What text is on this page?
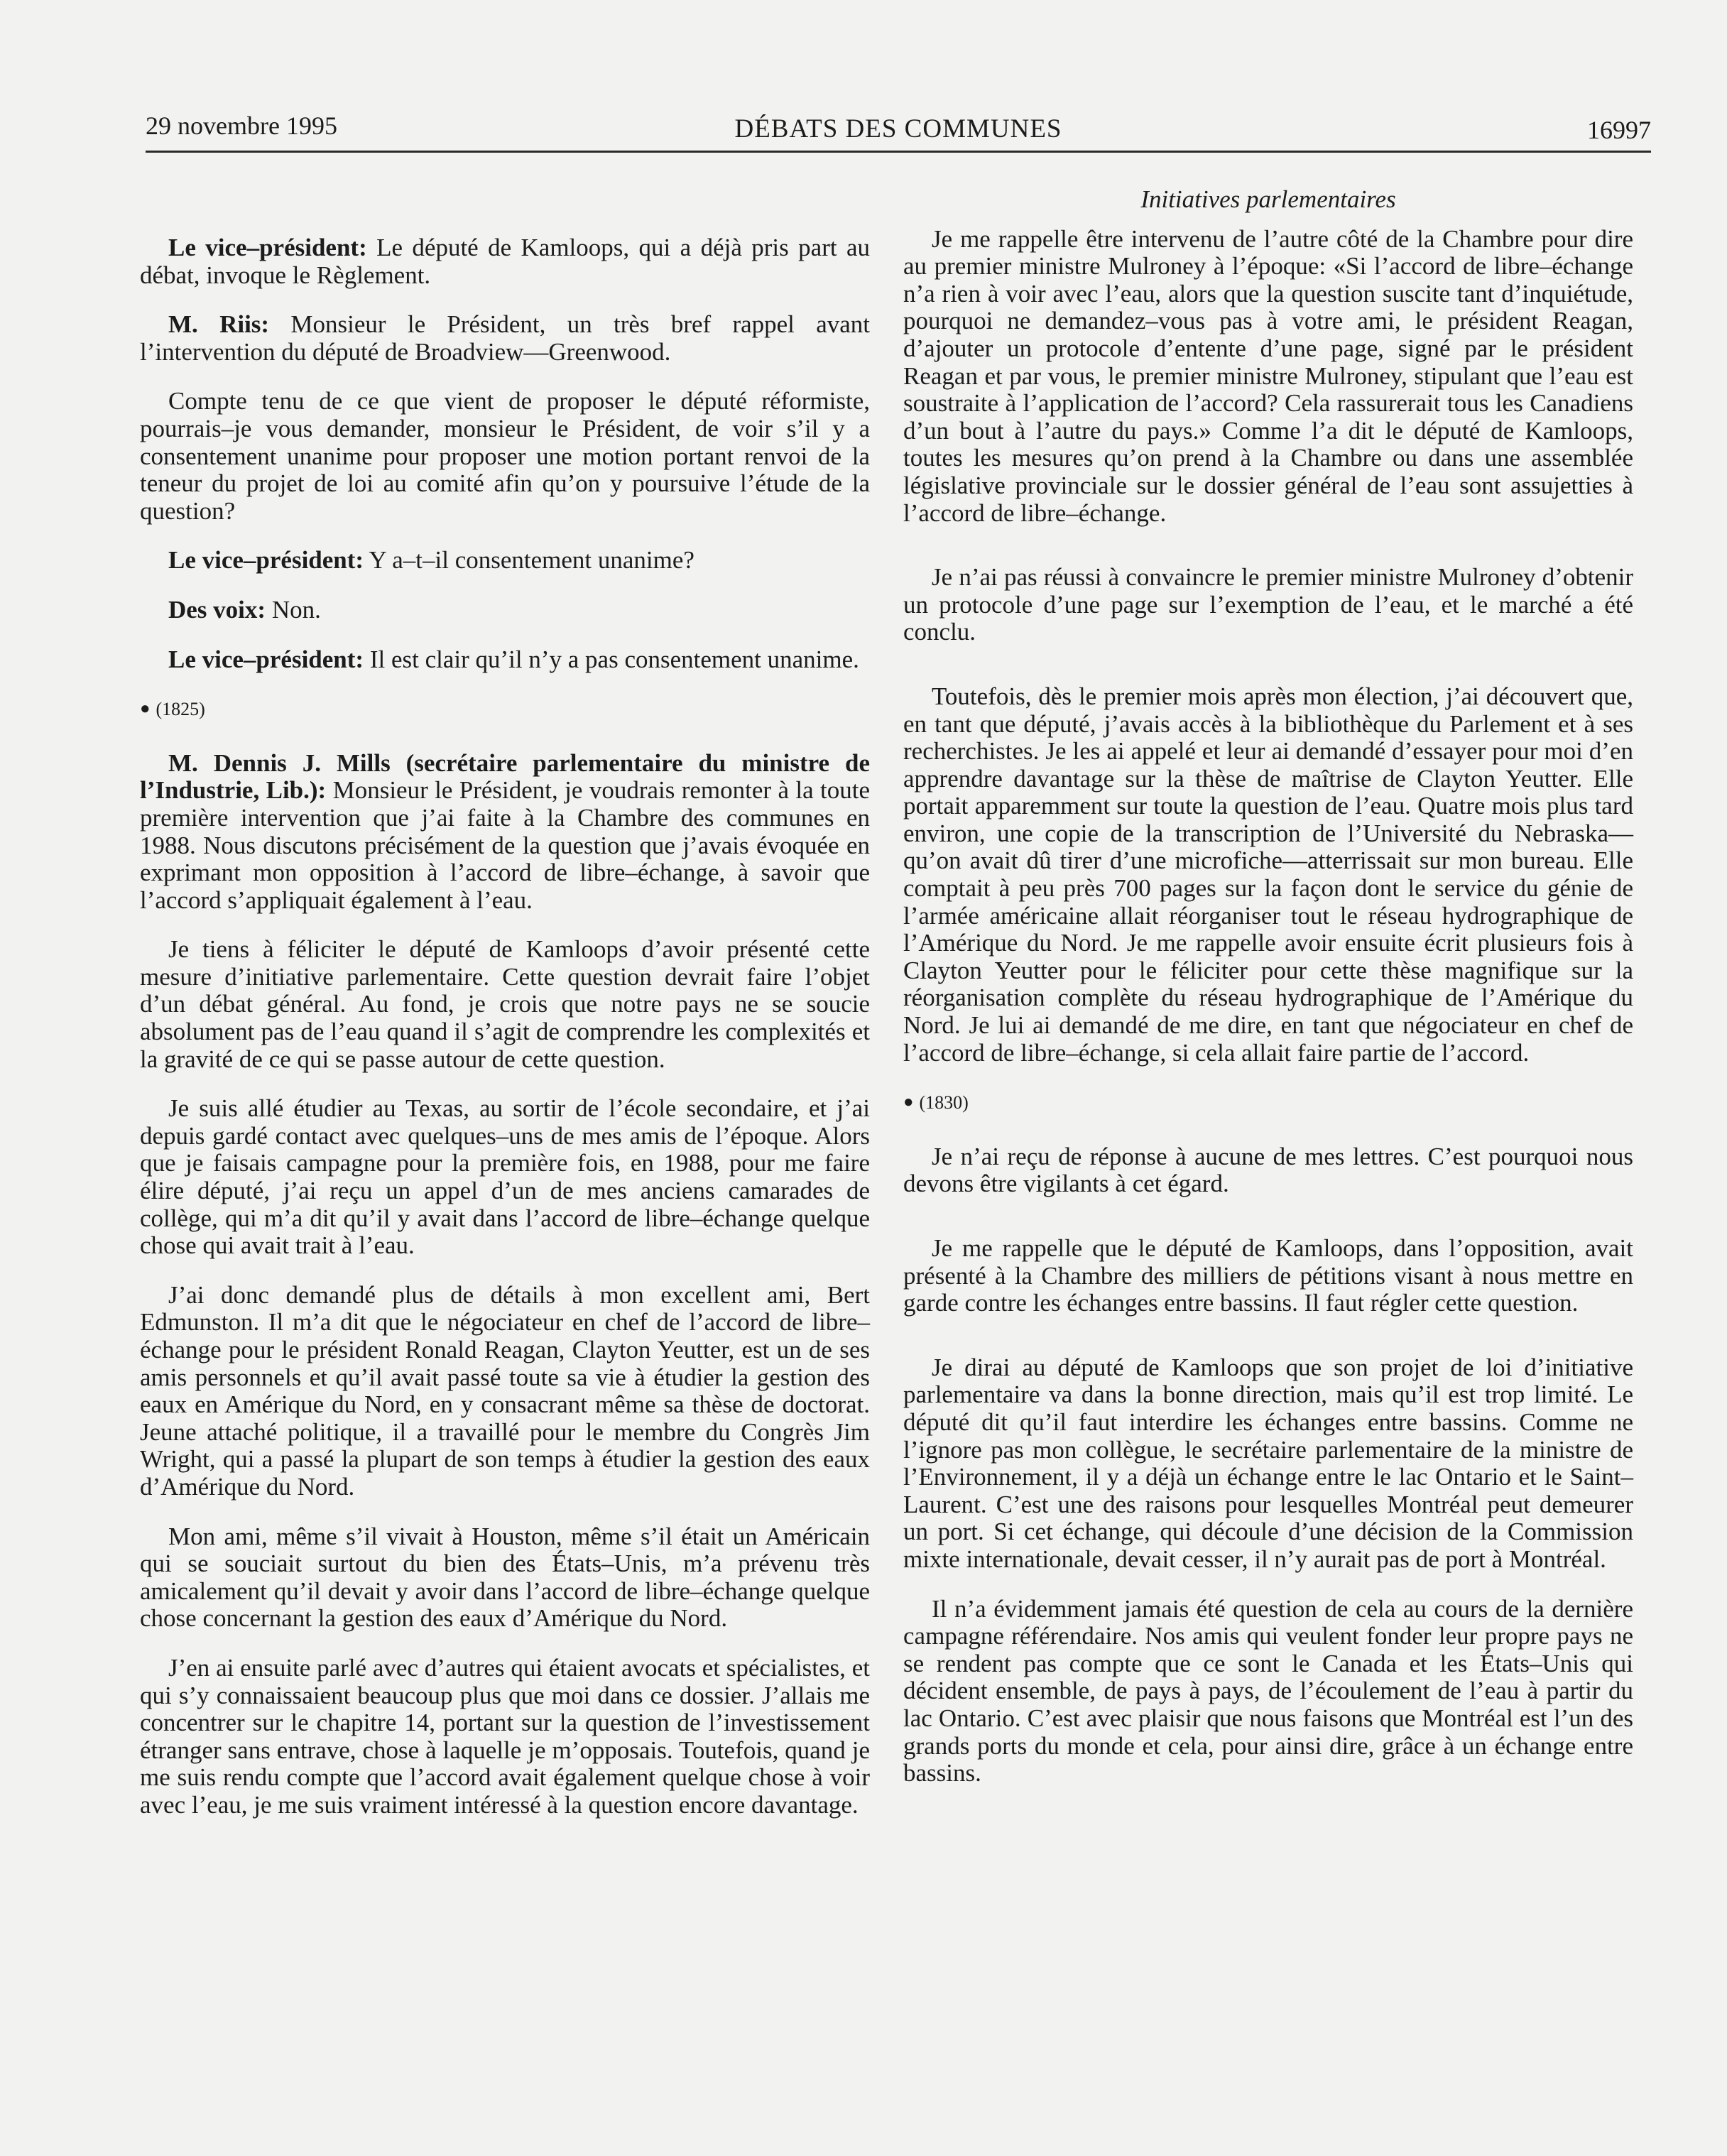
29 novembre 1995	DÉBATS DES COMMUNES	16997

Le vice–président: Le député de Kamloops, qui a déjà pris part au débat, invoque le Règlement.

M. Riis: Monsieur le Président, un très bref rappel avant l’intervention du député de Broadview—Greenwood.

Compte tenu de ce que vient de proposer le député réformiste, pourrais–je vous demander, monsieur le Président, de voir s’il y a consentement unanime pour proposer une motion portant renvoi de la teneur du projet de loi au comité afin qu’on y poursuive l’étude de la question?

Le vice–président: Y a–t–il consentement unanime?

Des voix: Non.

Le vice–président: Il est clair qu’il n’y a pas consentement unanime.

● (1825)

M. Dennis J. Mills (secrétaire parlementaire du ministre de l’Industrie, Lib.): Monsieur le Président, je voudrais remonter à la toute première intervention que j’ai faite à la Chambre des communes en 1988. Nous discutons précisément de la question que j’avais évoquée en exprimant mon opposition à l’accord de libre–échange, à savoir que l’accord s’appliquait également à l’eau.

Je tiens à féliciter le député de Kamloops d’avoir présenté cette mesure d’initiative parlementaire. Cette question devrait faire l’objet d’un débat général. Au fond, je crois que notre pays ne se soucie absolument pas de l’eau quand il s’agit de comprendre les complexités et la gravité de ce qui se passe autour de cette question.

Je suis allé étudier au Texas, au sortir de l’école secondaire, et j’ai depuis gardé contact avec quelques–uns de mes amis de l’époque. Alors que je faisais campagne pour la première fois, en 1988, pour me faire élire député, j’ai reçu un appel d’un de mes anciens camarades de collège, qui m’a dit qu’il y avait dans l’accord de libre–échange quelque chose qui avait trait à l’eau.

J’ai donc demandé plus de détails à mon excellent ami, Bert Edmunston. Il m’a dit que le négociateur en chef de l’accord de libre–échange pour le président Ronald Reagan, Clayton Yeutter, est un de ses amis personnels et qu’il avait passé toute sa vie à étudier la gestion des eaux en Amérique du Nord, en y consacrant même sa thèse de doctorat. Jeune attaché politique, il a travaillé pour le membre du Congrès Jim Wright, qui a passé la plupart de son temps à étudier la gestion des eaux d’Amérique du Nord.

Mon ami, même s’il vivait à Houston, même s’il était un Américain qui se souciait surtout du bien des États–Unis, m’a prévenu très amicalement qu’il devait y avoir dans l’accord de libre–échange quelque chose concernant la gestion des eaux d’Amérique du Nord.

J’en ai ensuite parlé avec d’autres qui étaient avocats et spécialistes, et qui s’y connaissaient beaucoup plus que moi dans ce dossier. J’allais me concentrer sur le chapitre 14, portant sur la question de l’investissement étranger sans entrave, chose à laquelle je m’opposais. Toutefois, quand je me suis rendu compte que l’accord avait également quelque chose à voir avec l’eau, je me suis vraiment intéressé à la question encore davantage.

Initiatives parlementaires

Je me rappelle être intervenu de l’autre côté de la Chambre pour dire au premier ministre Mulroney à l’époque: «Si l’accord de libre–échange n’a rien à voir avec l’eau, alors que la question suscite tant d’inquiétude, pourquoi ne demandez–vous pas à votre ami, le président Reagan, d’ajouter un protocole d’entente d’une page, signé par le président Reagan et par vous, le premier ministre Mulroney, stipulant que l’eau est soustraite à l’application de l’accord? Cela rassurerait tous les Canadiens d’un bout à l’autre du pays.» Comme l’a dit le député de Kamloops, toutes les mesures qu’on prend à la Chambre ou dans une assemblée législative provinciale sur le dossier général de l’eau sont assujetties à l’accord de libre–échange.

Je n’ai pas réussi à convaincre le premier ministre Mulroney d’obtenir un protocole d’une page sur l’exemption de l’eau, et le marché a été conclu.

Toutefois, dès le premier mois après mon élection, j’ai découvert que, en tant que député, j’avais accès à la bibliothèque du Parlement et à ses recherchistes. Je les ai appelé et leur ai demandé d’essayer pour moi d’en apprendre davantage sur la thèse de maîtrise de Clayton Yeutter. Elle portait apparemment sur toute la question de l’eau. Quatre mois plus tard environ, une copie de la transcription de l’Université du Nebraska—qu’on avait dû tirer d’une microfiche—atterrissait sur mon bureau. Elle comptait à peu près 700 pages sur la façon dont le service du génie de l’armée américaine allait réorganiser tout le réseau hydrographique de l’Amérique du Nord. Je me rappelle avoir ensuite écrit plusieurs fois à Clayton Yeutter pour le féliciter pour cette thèse magnifique sur la réorganisation complète du réseau hydrographique de l’Amérique du Nord. Je lui ai demandé de me dire, en tant que négociateur en chef de l’accord de libre–échange, si cela allait faire partie de l’accord.

● (1830)

Je n’ai reçu de réponse à aucune de mes lettres. C’est pourquoi nous devons être vigilants à cet égard.

Je me rappelle que le député de Kamloops, dans l’opposition, avait présenté à la Chambre des milliers de pétitions visant à nous mettre en garde contre les échanges entre bassins. Il faut régler cette question.

Je dirai au député de Kamloops que son projet de loi d’initiative parlementaire va dans la bonne direction, mais qu’il est trop limité. Le député dit qu’il faut interdire les échanges entre bassins. Comme ne l’ignore pas mon collègue, le secrétaire parlementaire de la ministre de l’Environnement, il y a déjà un échange entre le lac Ontario et le Saint–Laurent. C’est une des raisons pour lesquelles Montréal peut demeurer un port. Si cet échange, qui découle d’une décision de la Commission mixte internationale, devait cesser, il n’y aurait pas de port à Montréal.

Il n’a évidemment jamais été question de cela au cours de la dernière campagne référendaire. Nos amis qui veulent fonder leur propre pays ne se rendent pas compte que ce sont le Canada et les États–Unis qui décident ensemble, de pays à pays, de l’écoulement de l’eau à partir du lac Ontario. C’est avec plaisir que nous faisons que Montréal est l’un des grands ports du monde et cela, pour ainsi dire, grâce à un échange entre bassins.
